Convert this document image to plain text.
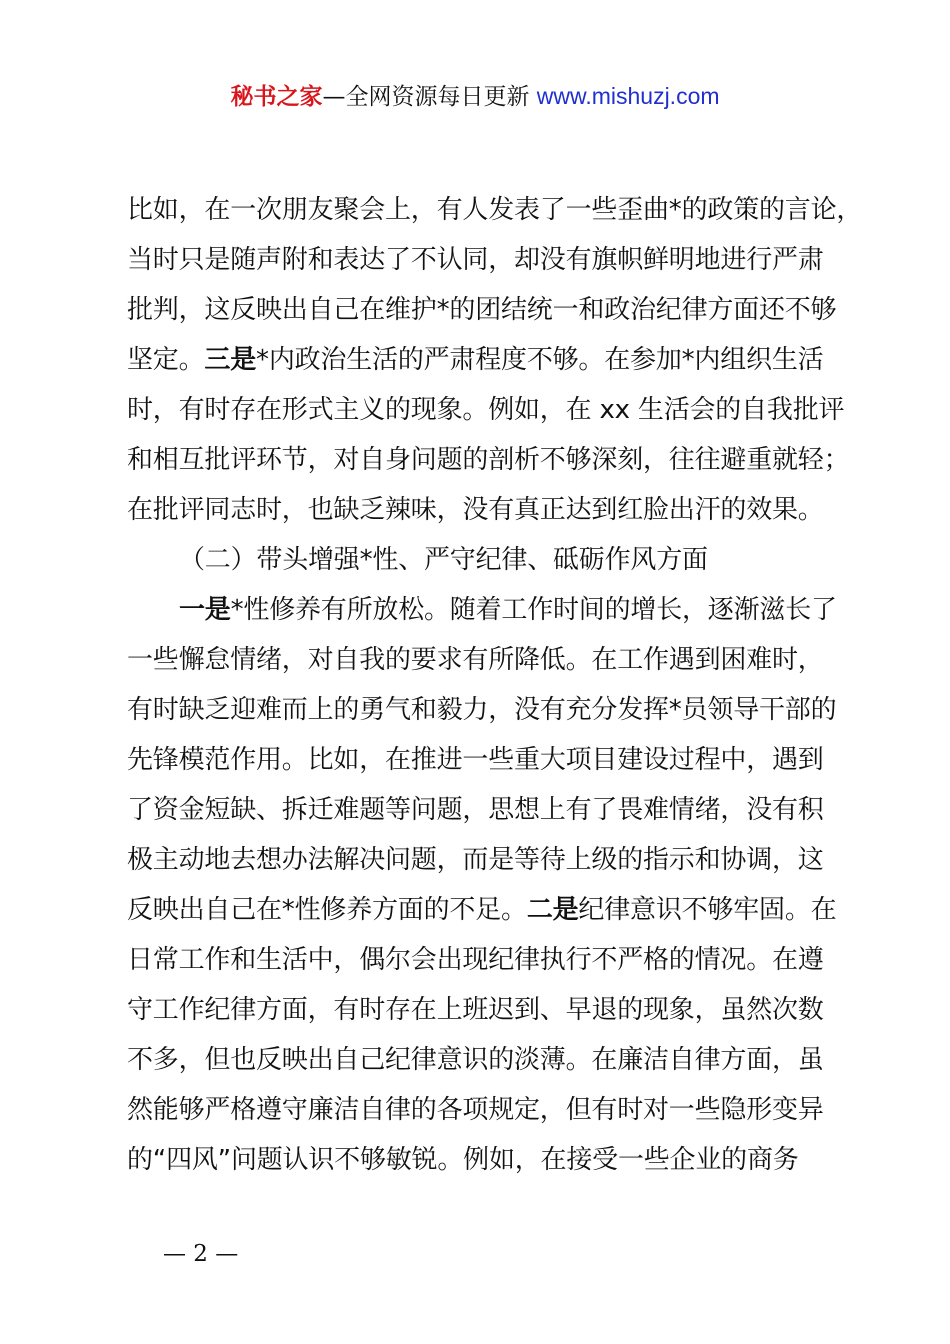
秘书之家—全网资源每日更新 www.mishuzj.com
比如，在一次朋友聚会上，有人发表了一些歪曲*的政策的言论，
当时只是随声附和表达了不认同，却没有旗帜鲜明地进行严肃
批判，这反映出自己在维护*的团结统一和政治纪律方面还不够
坚定。三是*内政治生活的严肃程度不够。在参加*内组织生活
时，有时存在形式主义的现象。例如，在 xx 生活会的自我批评
和相互批评环节，对自身问题的剖析不够深刻，往往避重就轻；
在批评同志时，也缺乏辣味，没有真正达到红脸出汗的效果。
（二）带头增强*性、严守纪律、砥砺作风方面
一是*性修养有所放松。随着工作时间的增长，逐渐滋长了
一些懈怠情绪，对自我的要求有所降低。在工作遇到困难时，
有时缺乏迎难而上的勇气和毅力，没有充分发挥*员领导干部的
先锋模范作用。比如，在推进一些重大项目建设过程中，遇到
了资金短缺、拆迁难题等问题，思想上有了畏难情绪，没有积
极主动地去想办法解决问题，而是等待上级的指示和协调，这
反映出自己在*性修养方面的不足。二是纪律意识不够牢固。在
日常工作和生活中，偶尔会出现纪律执行不严格的情况。在遵
守工作纪律方面，有时存在上班迟到、早退的现象，虽然次数
不多，但也反映出自己纪律意识的淡薄。在廉洁自律方面，虽
然能够严格遵守廉洁自律的各项规定，但有时对一些隐形变异
的“四风”问题认识不够敏锐。例如，在接受一些企业的商务
— 2 —
